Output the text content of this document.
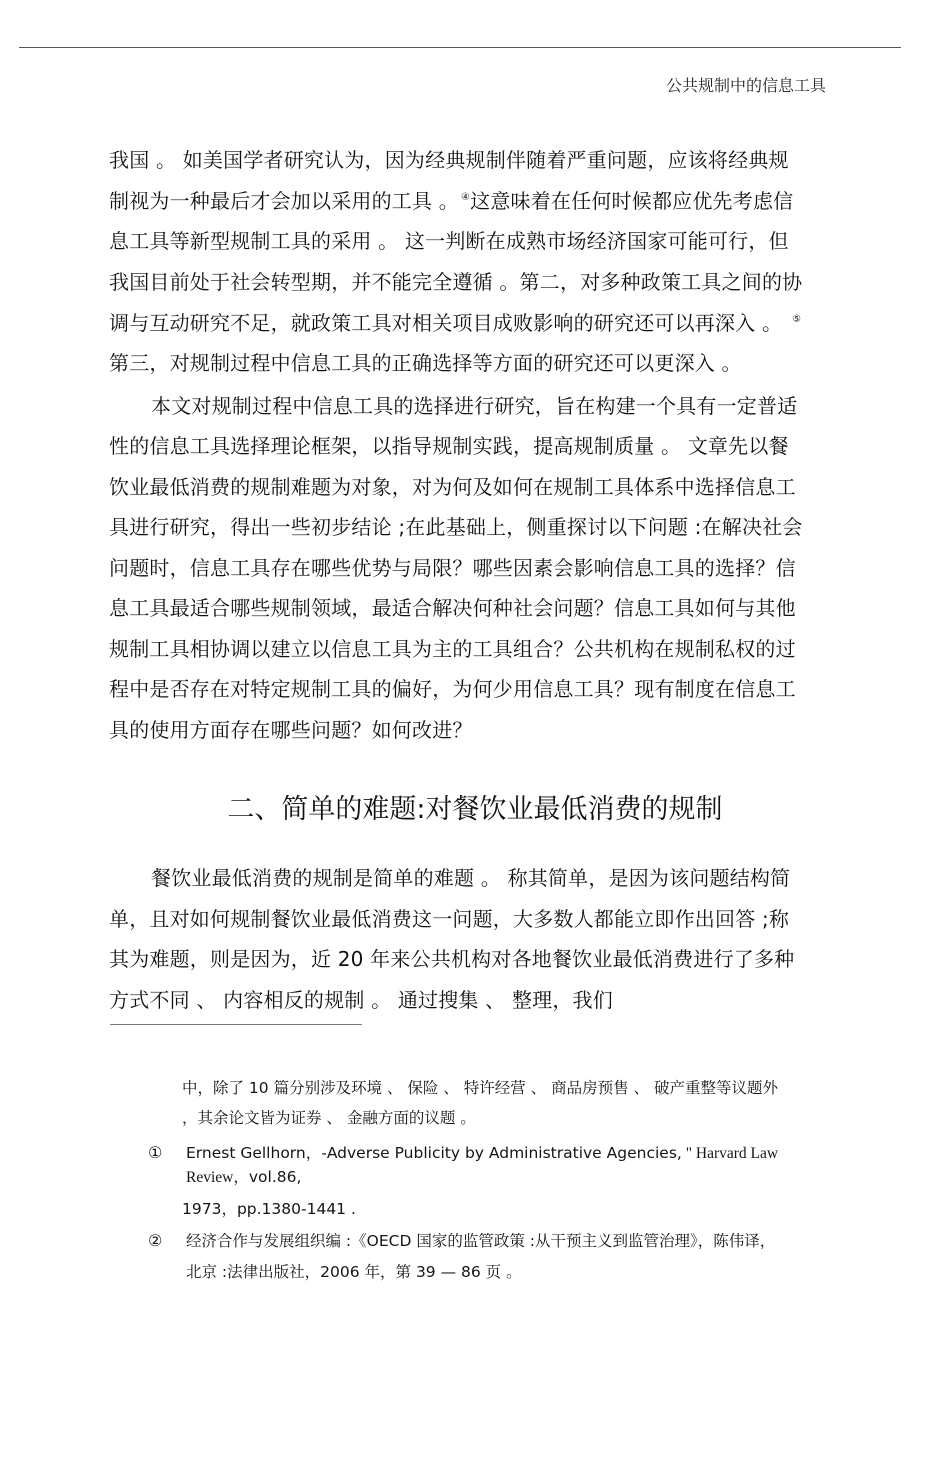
公共规制中的信息工具
我国 。 如美国学者研究认为，因为经典规制伴随着严重问题，应该将经典规
制视为一种最后才会加以采用的工具 。 ④这意味着在任何时候都应优先考虑信
息工具等新型规制工具的采用 。 这一判断在成熟市场经济国家可能可行，但
我国目前处于社会转型期，并不能完全遵循 。第二，对多种政策工具之间的协
调与互动研究不足，就政策工具对相关项目成败影响的研究还可以再深入 。 ⑤
第三，对规制过程中信息工具的正确选择等方面的研究还可以更深入 。
本文对规制过程中信息工具的选择进行研究，旨在构建一个具有一定普适
性的信息工具选择理论框架，以指导规制实践，提高规制质量 。 文章先以餐
饮业最低消费的规制难题为对象，对为何及如何在规制工具体系中选择信息工
具进行研究，得出一些初步结论 ;在此基础上，侧重探讨以下问题 :在解决社会
问题时，信息工具存在哪些优势与局限？哪些因素会影响信息工具的选择？信
息工具最适合哪些规制领域，最适合解决何种社会问题？信息工具如何与其他
规制工具相协调以建立以信息工具为主的工具组合？公共机构在规制私权的过
程中是否存在对特定规制工具的偏好，为何少用信息工具？现有制度在信息工
具的使用方面存在哪些问题？如何改进？
二、简单的难题:对餐饮业最低消费的规制
餐饮业最低消费的规制是简单的难题 。 称其简单，是因为该问题结构简
单，且对如何规制餐饮业最低消费这一问题，大多数人都能立即作出回答 ;称
其为难题，则是因为，近 20 年来公共机构对各地餐饮业最低消费进行了多种
方式不同 、 内容相反的规制 。 通过搜集 、 整理，我们
中，除了 10 篇分别涉及环境 、 保险 、 特许经营 、 商品房预售 、 破产重整等议题外
，其余论文皆为证券 、 金融方面的议题 。
① Ernest Gellhorn，‑Adverse Publicity by Administrative Agencies, " Harvard Law
Review，vol.86,
1973，pp.1380-1441 .
② 经济合作与发展组织编 :《OECD 国家的监管政策 :从干预主义到监管治理》，陈伟译，
北京 :法律出版社，2006 年，第 39 — 86 页 。
